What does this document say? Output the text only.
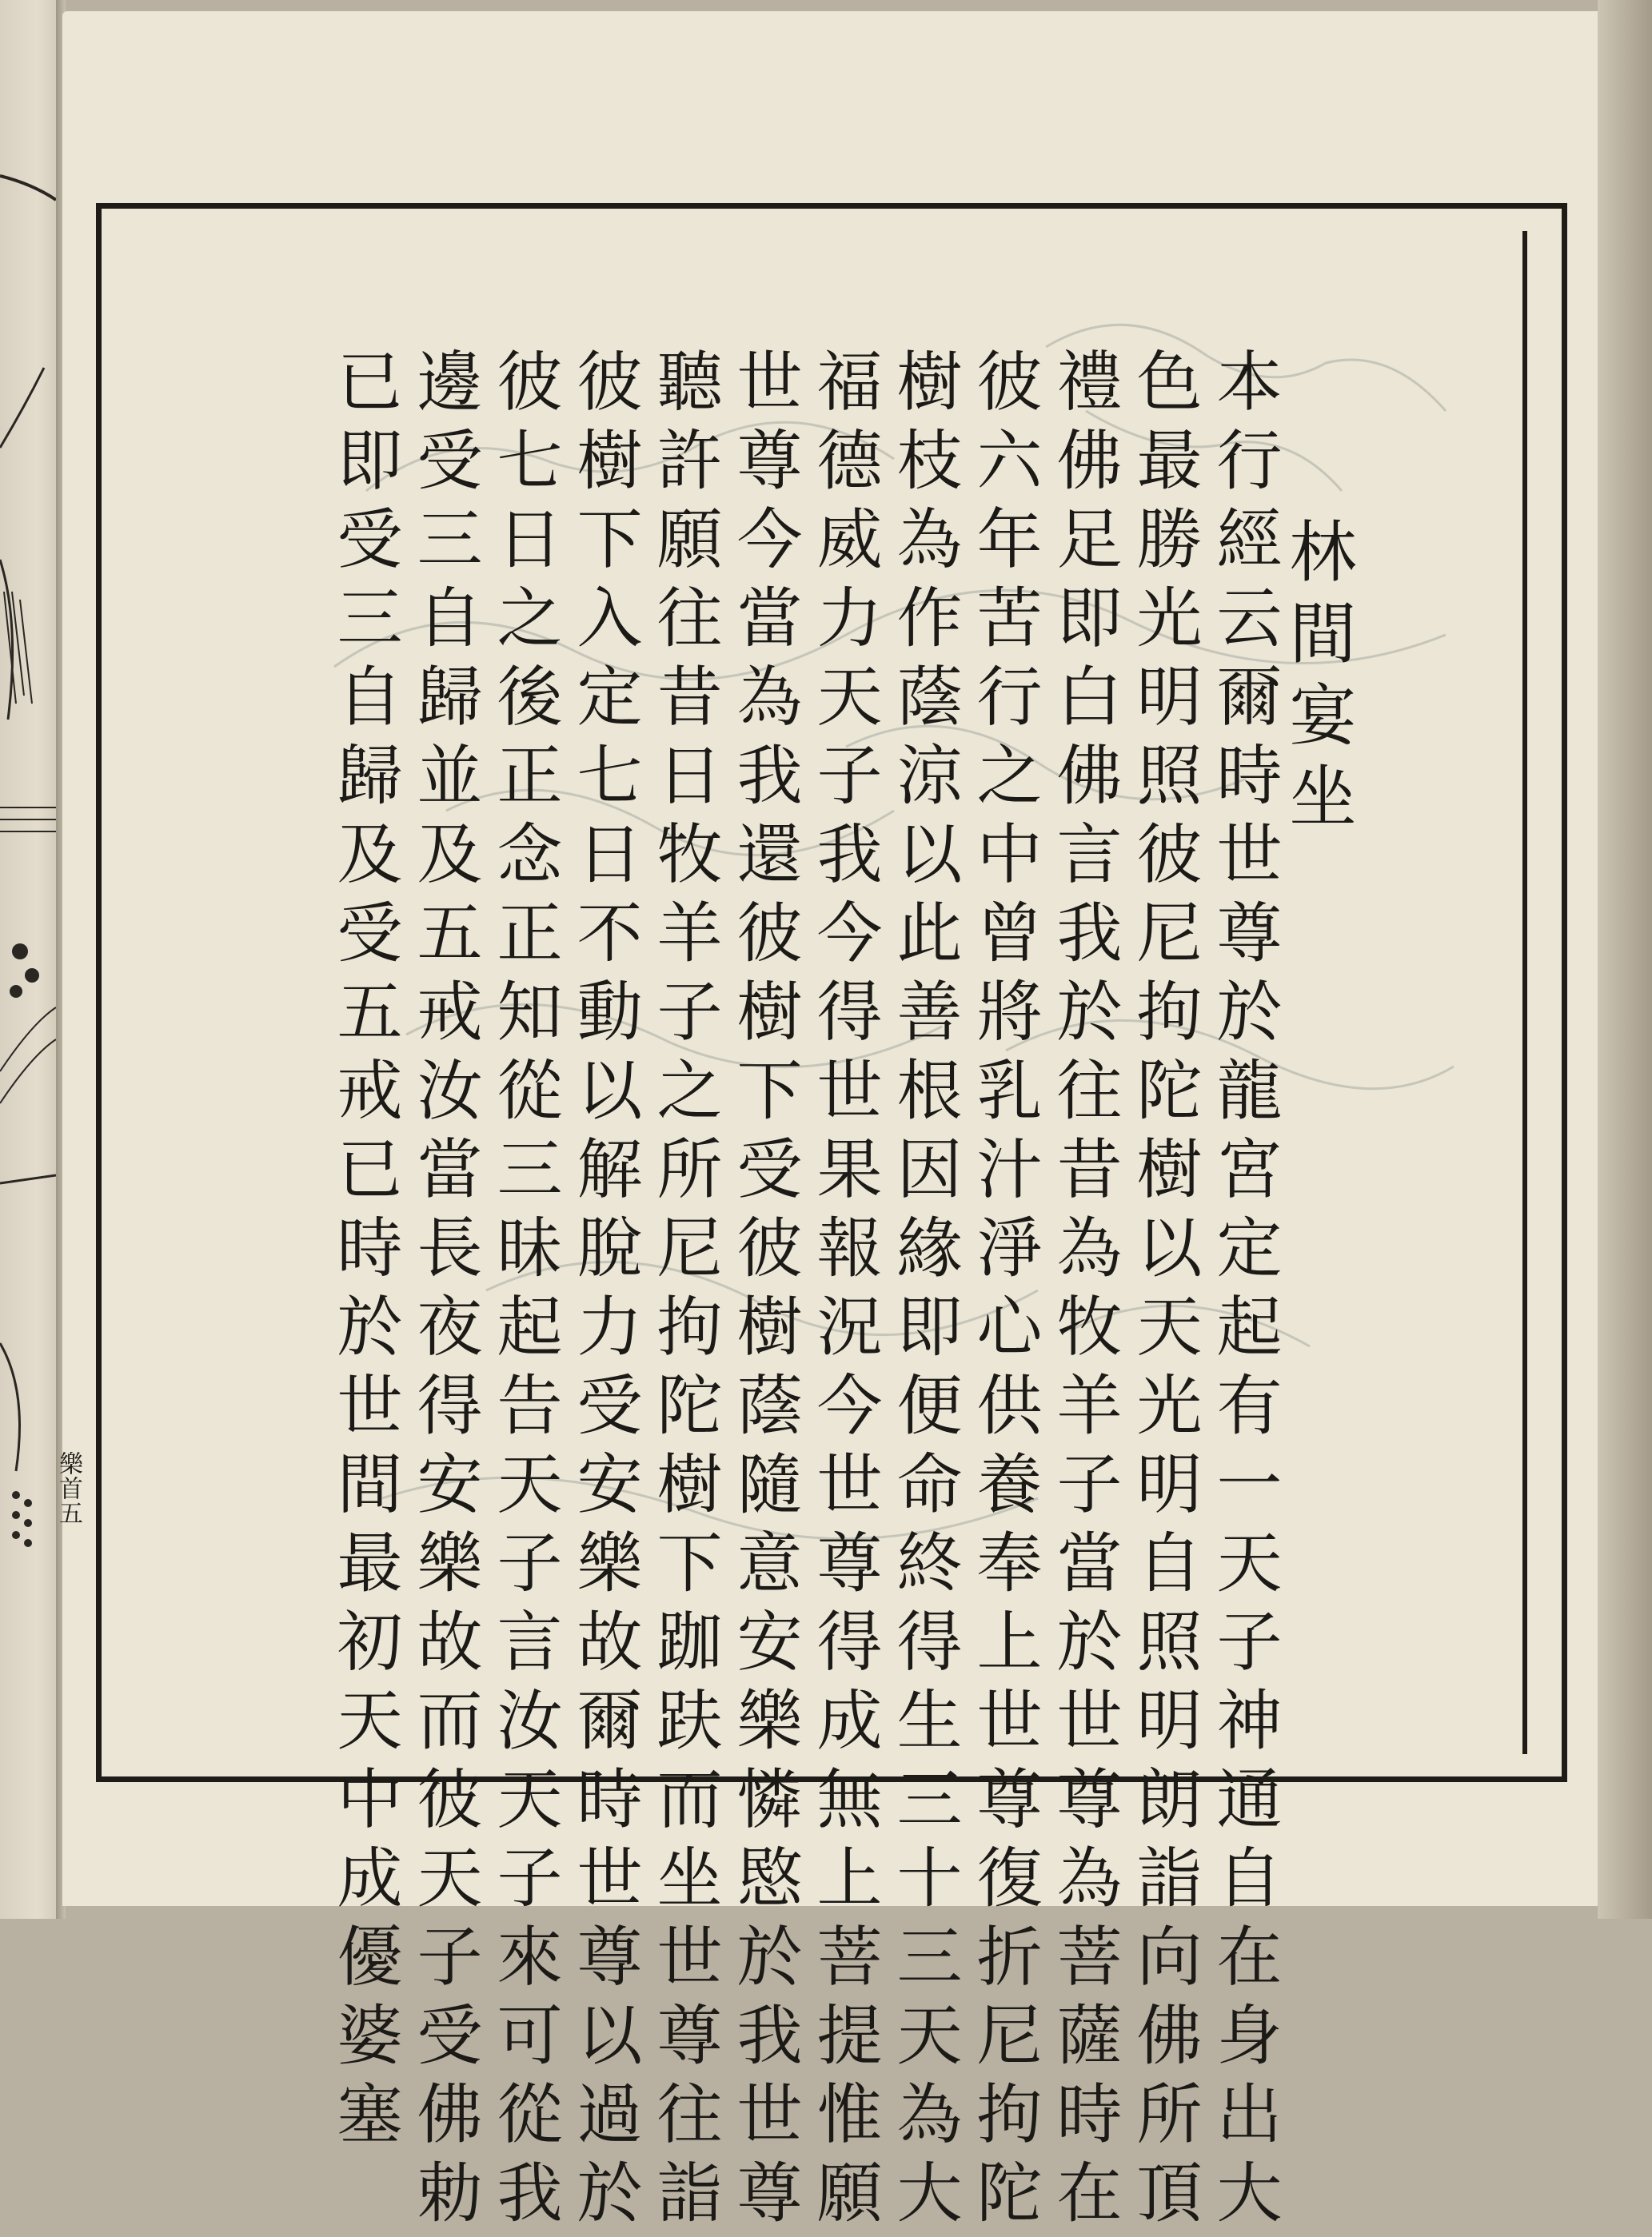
林間宴坐
本行經云爾時世尊於龍宮定起有一天子神通自在身出大
色最勝光明照彼尼拘陀樹以天光明自照明朗詣向佛所頂
禮佛足即白佛言我於往昔為牧羊子當於世尊為菩薩時在
彼六年苦行之中曾將乳汁淨心供養奉上世尊復折尼拘陀
樹枝為作蔭涼以此善根因緣即便命終得生三十三天為大
福德威力天子我今得世果報況今世尊得成無上菩提惟願
世尊今當為我還彼樹下受彼樹蔭隨意安樂憐愍於我世尊
聽許願往昔日牧羊子之所尼拘陀樹下跏趺而坐世尊往詣
彼樹下入定七日不動以解脫力受安樂故爾時世尊以過於
彼七日之後正念正知從三昧起告天子言汝天子來可從我
邊受三自歸並及五戒汝當長夜得安樂故而彼天子受佛勅
已即受三自歸及受五戒已時於世間最初天中成優婆塞
樂首五
